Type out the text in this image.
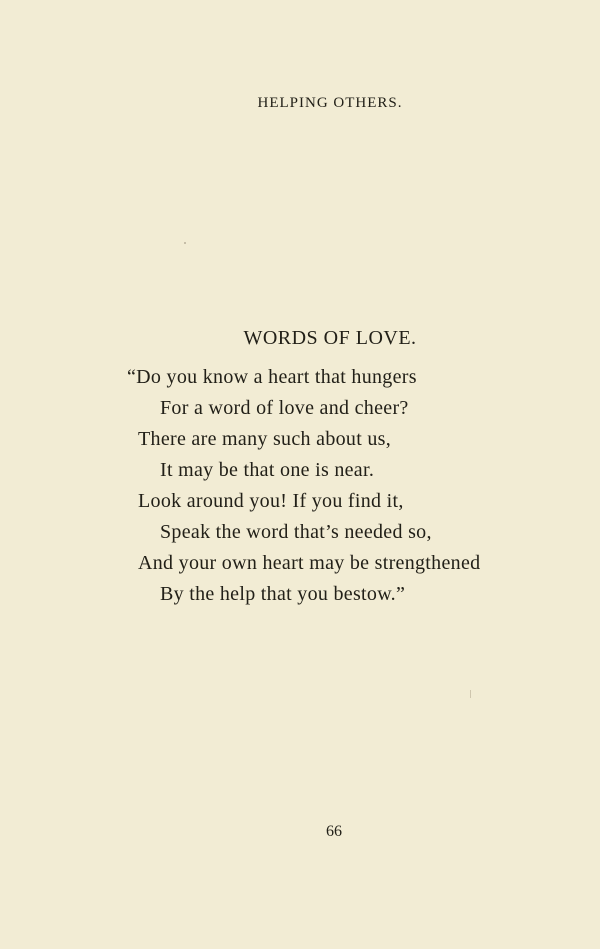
HELPING OTHERS.
WORDS OF LOVE.
“Do you know a heart that hungers
For a word of love and cheer?
There are many such about us,
It may be that one is near.
Look around you! If you find it,
Speak the word that’s needed so,
And your own heart may be strengthened
By the help that you bestow.”
66
